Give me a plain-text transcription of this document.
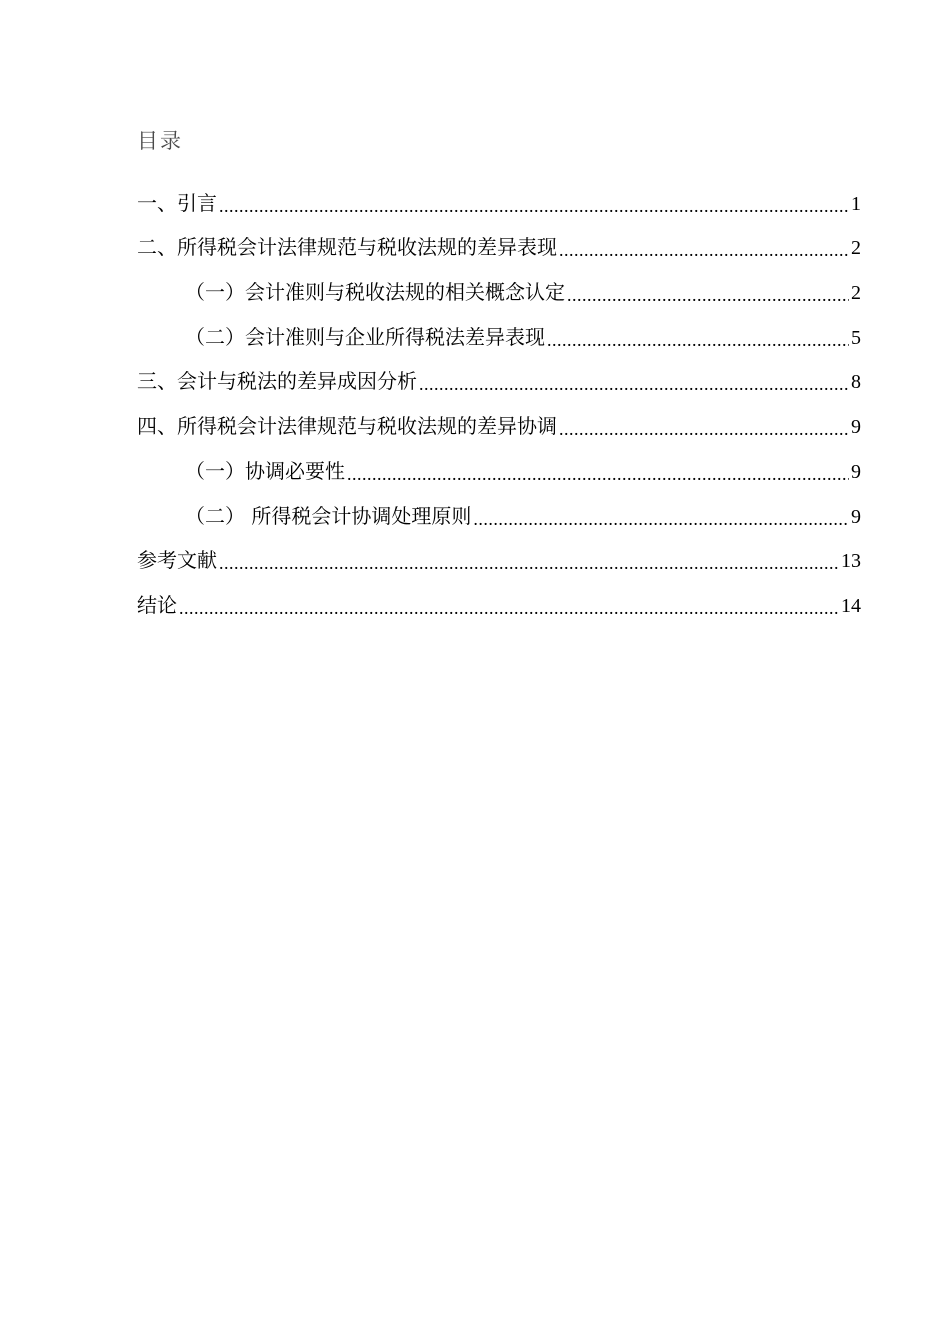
目录
一、引言 .....	1
二、所得税会计法律规范与税收法规的差异表现 .....	2
（一）会计准则与税收法规的相关概念认定 .....	2
（二）会计准则与企业所得税法差异表现 .....	5
三、会计与税法的差异成因分析 .....	8
四、所得税会计法律规范与税收法规的差异协调 .....	9
（一）协调必要性 .....	9
（二） 所得税会计协调处理原则 .....	9
参考文献 .....	13
结论 .....	14
